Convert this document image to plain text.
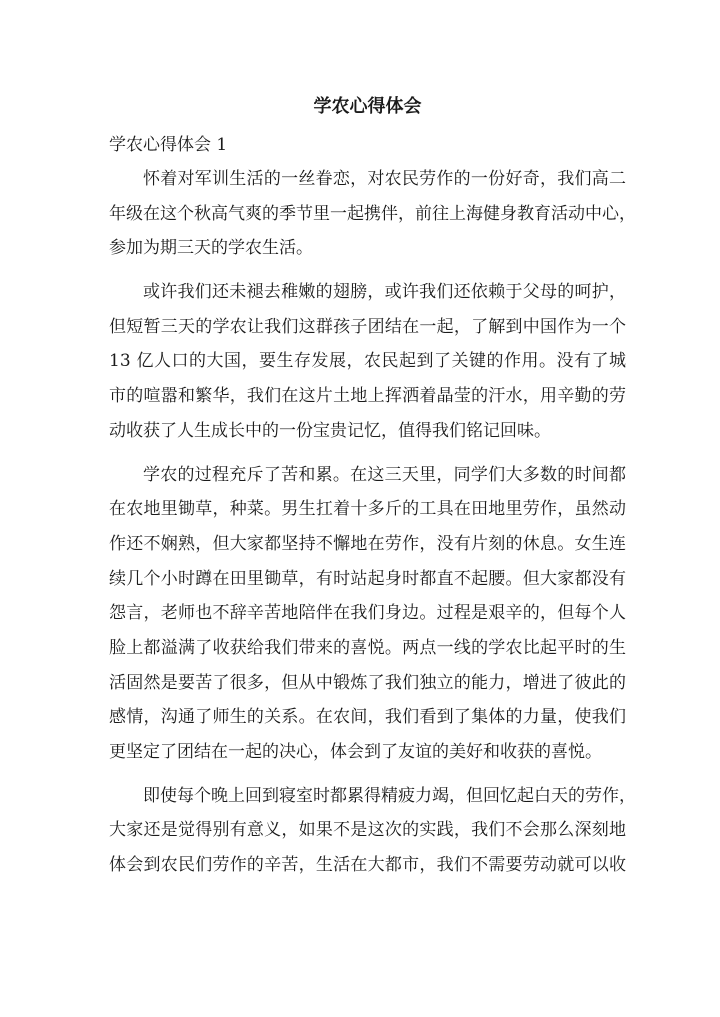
学农心得体会
学农心得体会 1
怀着对军训生活的一丝眷恋，对农民劳作的一份好奇，我们高二
年级在这个秋高气爽的季节里一起携伴，前往上海健身教育活动中心，
参加为期三天的学农生活。
或许我们还未褪去稚嫩的翅膀，或许我们还依赖于父母的呵护，
但短暂三天的学农让我们这群孩子团结在一起，了解到中国作为一个
13 亿人口的大国，要生存发展，农民起到了关键的作用。没有了城
市的喧嚣和繁华，我们在这片土地上挥洒着晶莹的汗水，用辛勤的劳
动收获了人生成长中的一份宝贵记忆，值得我们铭记回味。
学农的过程充斥了苦和累。在这三天里，同学们大多数的时间都
在农地里锄草，种菜。男生扛着十多斤的工具在田地里劳作，虽然动
作还不娴熟，但大家都坚持不懈地在劳作，没有片刻的休息。女生连
续几个小时蹲在田里锄草，有时站起身时都直不起腰。但大家都没有
怨言，老师也不辞辛苦地陪伴在我们身边。过程是艰辛的，但每个人
脸上都溢满了收获给我们带来的喜悦。两点一线的学农比起平时的生
活固然是要苦了很多，但从中锻炼了我们独立的能力，增进了彼此的
感情，沟通了师生的关系。在农间，我们看到了集体的力量，使我们
更坚定了团结在一起的决心，体会到了友谊的美好和收获的喜悦。
即使每个晚上回到寝室时都累得精疲力竭，但回忆起白天的劳作，
大家还是觉得别有意义，如果不是这次的实践，我们不会那么深刻地
体会到农民们劳作的辛苦，生活在大都市，我们不需要劳动就可以收
